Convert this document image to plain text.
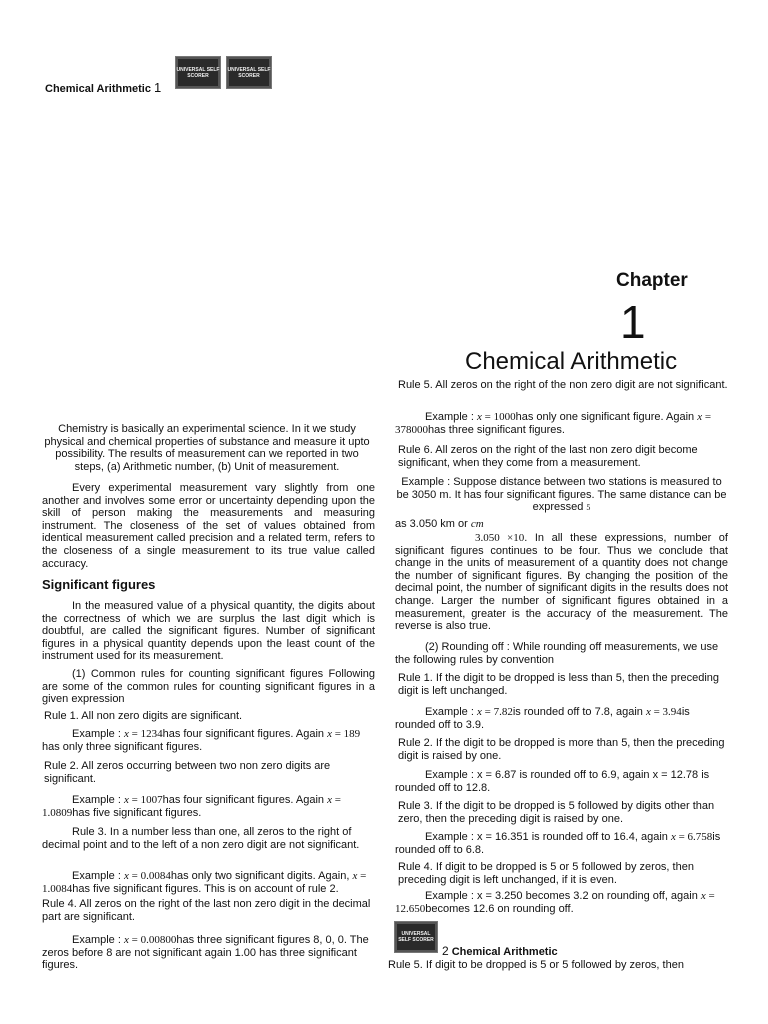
Chemical Arithmetic 1
UNIVERSAL SELF SCORER
UNIVERSAL SELF SCORER
Chapter
1
Chemical Arithmetic
Chemistry is basically an experimental science. In it we study physical and chemical properties of substance and measure it upto possibility. The results of measurement can we reported in two steps, (a) Arithmetic number, (b) Unit of measurement.
Every experimental measurement vary slightly from one another and involves some error or uncertainty depending upon the skill of person making the measurements and measuring instrument. The closeness of the set of values obtained from identical measurement called precision and a related term, refers to the closeness of a single measurement to its true value called accuracy.
Significant figures
In the measured value of a physical quantity, the digits about the correctness of which we are surplus the last digit which is doubtful, are called the significant figures. Number of significant figures in a physical quantity depends upon the least count of the instrument used for its measurement.
(1) Common rules for counting significant figures Following are some of the common rules for counting significant figures in a given expression
Rule 1. All non zero digits are significant.

Example : x = 1234has four significant figures. Again x = 189 has only three significant figures.

Rule 2. All zeros occurring between two non zero digits are significant.

Example : x = 1007has four significant figures. Again x = 1.0809has five significant figures.

Rule 3. In a number less than one, all zeros to the right of decimal point and to the left of a non zero digit are not significant.

Example : x = 0.0084has only two significant digits. Again, x = 1.0084has five significant figures. This is on account of rule 2.

Rule 4. All zeros on the right of the last non zero digit in the decimal part are significant.

Example : x = 0.00800has three significant figures 8, 0, 0. The zeros before 8 are not significant again 1.00 has three significant figures.

Rule 5. All zeros on the right of the non zero digit are not significant.

Example : x = 1000has only one significant figure. Again x = 378000has three significant figures.

Rule 6. All zeros on the right of the last non zero digit become significant, when they come from a measurement.

Example : Suppose distance between two stations is measured to be 3050 m. It has four significant figures. The same distance can be expressed 5

as 3.050 km or cm

3.050 ×10. In all these expressions, number of significant figures continues to be four. Thus we conclude that change in the units of measurement of a quantity does not change the number of significant figures. By changing the position of the decimal point, the number of significant digits in the results does not change. Larger the number of significant figures obtained in a measurement, greater is the accuracy of the measurement. The reverse is also true.

(2) Rounding off : While rounding off measurements, we use the following rules by convention

Rule 1. If the digit to be dropped is less than 5, then the preceding digit is left unchanged.

Example : x = 7.82is rounded off to 7.8, again x = 3.94is rounded off to 3.9.

Rule 2. If the digit to be dropped is more than 5, then the preceding digit is raised by one.

Example : x = 6.87 is rounded off to 6.9, again x = 12.78 is rounded off to 12.8.

Rule 3. If the digit to be dropped is 5 followed by digits other than zero, then the preceding digit is raised by one.

Example : x = 16.351 is rounded off to 16.4, again x = 6.758is rounded off to 6.8.

Rule 4. If digit to be dropped is 5 or 5 followed by zeros, then preceding digit is left unchanged, if it is even.

Example : x = 3.250 becomes 3.2 on rounding off, again x = 12.650becomes 12.6 on rounding off.

UNIVERSAL SELF SCORER
2 Chemical Arithmetic
Rule 5. If digit to be dropped is 5 or 5 followed by zeros, then
